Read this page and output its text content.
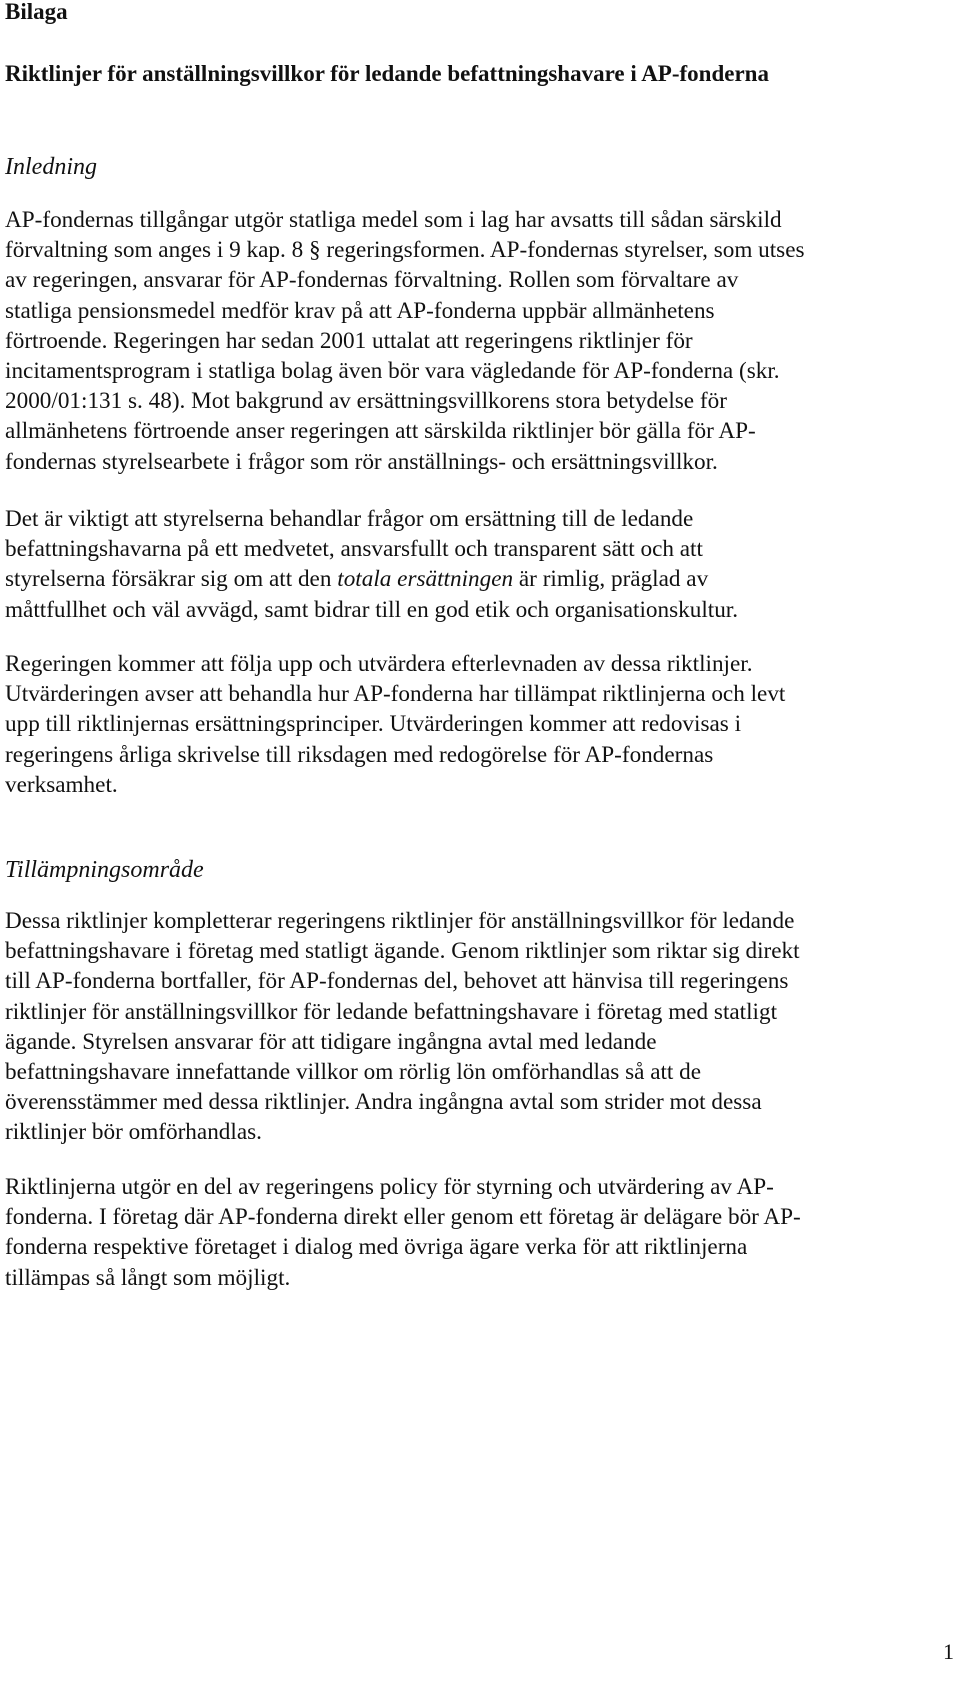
Bilaga
Riktlinjer för anställningsvillkor för ledande befattningshavare i AP-fonderna
Inledning

AP-fondernas tillgångar utgör statliga medel som i lag har avsatts till sådan särskild
förvaltning som anges i 9 kap. 8 § regeringsformen. AP-fondernas styrelser, som utses
av regeringen, ansvarar för AP-fondernas förvaltning. Rollen som förvaltare av
statliga pensionsmedel medför krav på att AP-fonderna uppbär allmänhetens
förtroende. Regeringen har sedan 2001 uttalat att regeringens riktlinjer för
incitamentsprogram i statliga bolag även bör vara vägledande för AP-fonderna (skr.
2000/01:131 s. 48). Mot bakgrund av ersättningsvillkorens stora betydelse för
allmänhetens förtroende anser regeringen att särskilda riktlinjer bör gälla för AP-
fondernas styrelsearbete i frågor som rör anställnings- och ersättningsvillkor.

Det är viktigt att styrelserna behandlar frågor om ersättning till de ledande
befattningshavarna på ett medvetet, ansvarsfullt och transparent sätt och att
styrelserna försäkrar sig om att den totala ersättningen är rimlig, präglad av
måttfullhet och väl avvägd, samt bidrar till en god etik och organisationskultur.

Regeringen kommer att följa upp och utvärdera efterlevnaden av dessa riktlinjer.
Utvärderingen avser att behandla hur AP-fonderna har tillämpat riktlinjerna och levt
upp till riktlinjernas ersättningsprinciper. Utvärderingen kommer att redovisas i
regeringens årliga skrivelse till riksdagen med redogörelse för AP-fondernas
verksamhet.

Tillämpningsområde

Dessa riktlinjer kompletterar regeringens riktlinjer för anställningsvillkor för ledande
befattningshavare i företag med statligt ägande. Genom riktlinjer som riktar sig direkt
till AP-fonderna bortfaller, för AP-fondernas del, behovet att hänvisa till regeringens
riktlinjer för anställningsvillkor för ledande befattningshavare i företag med statligt
ägande. Styrelsen ansvarar för att tidigare ingångna avtal med ledande
befattningshavare innefattande villkor om rörlig lön omförhandlas så att de
överensstämmer med dessa riktlinjer. Andra ingångna avtal som strider mot dessa
riktlinjer bör omförhandlas.

Riktlinjerna utgör en del av regeringens policy för styrning och utvärdering av AP-
fonderna. I företag där AP-fonderna direkt eller genom ett företag är delägare bör AP-
fonderna respektive företaget i dialog med övriga ägare verka för att riktlinjerna
tillämpas så långt som möjligt.

1
